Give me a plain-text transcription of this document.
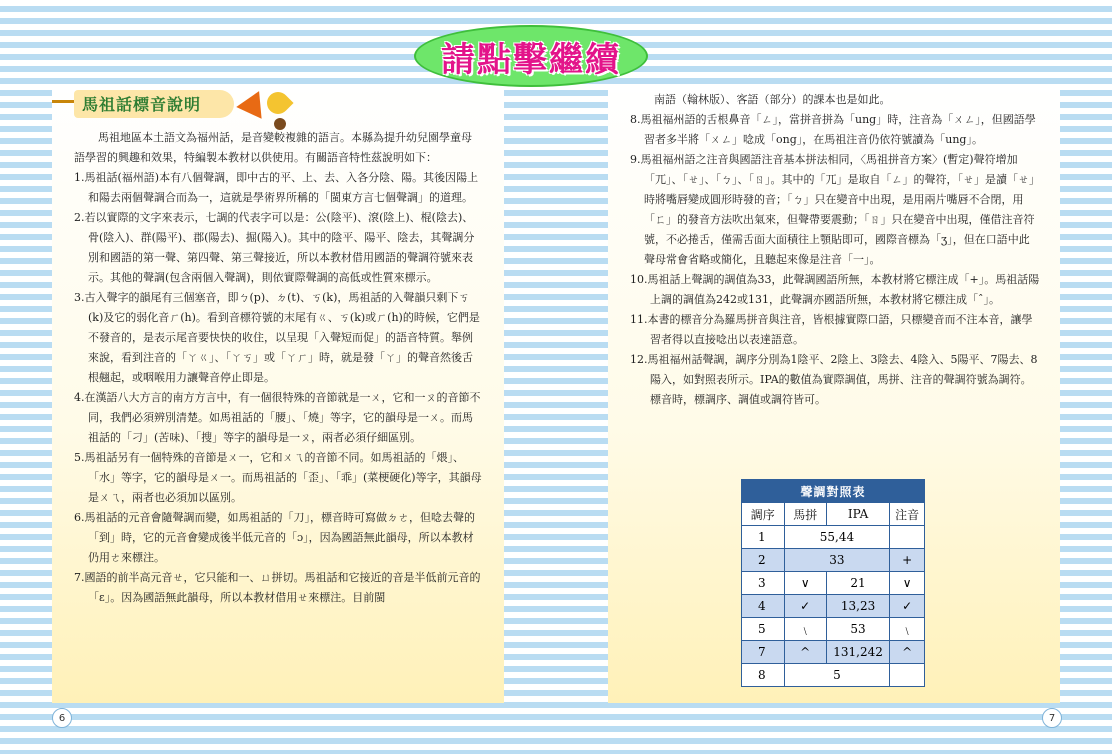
請點擊繼續
馬祖話標音說明

馬祖地區本土語文為福州話，是音變較複雜的語言。本縣為提升幼兒園學童母語學習的興趣和效果，特編製本教材以供使用。有關語音特性茲說明如下：

1.馬祖話(福州語)本有八個聲調，即中古的平、上、去、入各分陰、陽。其後因陽上和陽去兩個聲調合而為一，這就是學術界所稱的「閩東方言七個聲調」的道理。

2.若以實際的文字來表示，七調的代表字可以是：公(陰平)、滾(陰上)、棍(陰去)、骨(陰入)、群(陽平)、郡(陽去)、掘(陽入)。其中的陰平、陽平、陰去，其聲調分別和國語的第一聲、第四聲、第三聲接近，所以本教材借用國語的聲調符號來表示。其他的聲調(包含兩個入聲調)，則依實際聲調的高低或性質來標示。

3.古入聲字的韻尾有三個塞音，即ㄅ(p)、ㄉ(t)、ㄎ(k)，馬祖話的入聲韻只剩下ㄎ(k)及它的弱化音ㄏ(h)。看到音標符號的末尾有ㄍ、ㄎ(k)或ㄏ(h)的時候，它們是不發音的，是表示尾音要快快的收住，以呈現「入聲短而促」的語音特質。舉例來說，看到注音的「ㄚㄍ」、「ㄚㄎ」或「ㄚㄏ」時，就是發「ㄚ」的聲音然後舌根翹起，或咽喉用力讓聲音停止即是。

4.在漢語八大方言的南方方言中，有一個很特殊的音節就是一ㄨ，它和一ㄡ的音節不同，我們必須辨別清楚。如馬祖話的「腰」、「燒」等字，它的韻母是一ㄨ。而馬祖話的「刁」(苦味)、「搜」等字的韻母是一ㄡ，兩者必須仔細區別。

5.馬祖話另有一個特殊的音節是ㄨ一，它和ㄨㄟ的音節不同。如馬祖話的「煨」、「水」等字，它的韻母是ㄨ一。而馬祖話的「歪」、「乖」(菜梗硬化)等字，其韻母是ㄨㄟ，兩者也必須加以區別。

6.馬祖話的元音會隨聲調而變，如馬祖話的「刀」，標音時可寫做ㄉㄜ，但唸去聲的「到」時，它的元音會變成後半低元音的「ɔ」，因為國語無此韻母，所以本教材仍用ㄜ來標注。

7.國語的前半高元音ㄝ，它只能和一、ㄩ拼切。馬祖話和它接近的音是半低前元音的「ɛ」。因為國語無此韻母，所以本教材借用ㄝ來標注。目前閩

南語（翰林版）、客語（部分）的課本也是如此。

8.馬祖福州語的舌根鼻音「ㄥ」，當拼音拼為「ung」時，注音為「ㄨㄥ」，但國語學習者多半將「ㄨㄥ」唸成「ong」，在馬祖注音仍依符號讀為「ung」。

9.馬祖福州語之注音與國語注音基本拼法相同，〈馬祖拼音方案〉(暫定)聲符增加「ㄫ」、「ㄝ」、「ㄅ」、「ㄖ」。其中的「ㄫ」是取自「ㄥ」的聲符，「ㄝ」是讀「ㄝ」時將嘴唇變成圓形時發的音；「ㄅ」只在變音中出現，是用兩片嘴唇不合閉，用「ㄈ」的發音方法吹出氣來，但聲帶要震動；「ㄖ」只在變音中出現，僅借注音符號，不必捲舌，僅需舌面大面積往上顎貼即可，國際音標為「ʒ」，但在口語中此聲母常會省略或簡化，且聽起來像是注音「一」。

10.馬祖話上聲調的調值為33，此聲調國語所無，本教材將它標注成「+」。馬祖話陽上調的調值為242或131，此聲調亦國語所無，本教材將它標注成「ˆ」。

11.本書的標音分為羅馬拼音與注音，皆根據實際口語，只標變音而不注本音，讓學習者得以直接唸出以表達語意。

12.馬祖福州話聲調，調序分別為1陰平、2陰上、3陰去、4陰入、5陽平、7陽去、8陽入，如對照表所示。IPA的數值為實際調值，馬拼、注音的聲調符號為調符。標音時，標調序、調值或調符皆可。

聲調對照表			
調序	馬拼	IPA	注音
1	55,44		
2	33		+
3	∨	21	∨
4	✓	13,23	✓
5	﹨	53	﹨
7	^	131,242	^
8	5		
6	7
